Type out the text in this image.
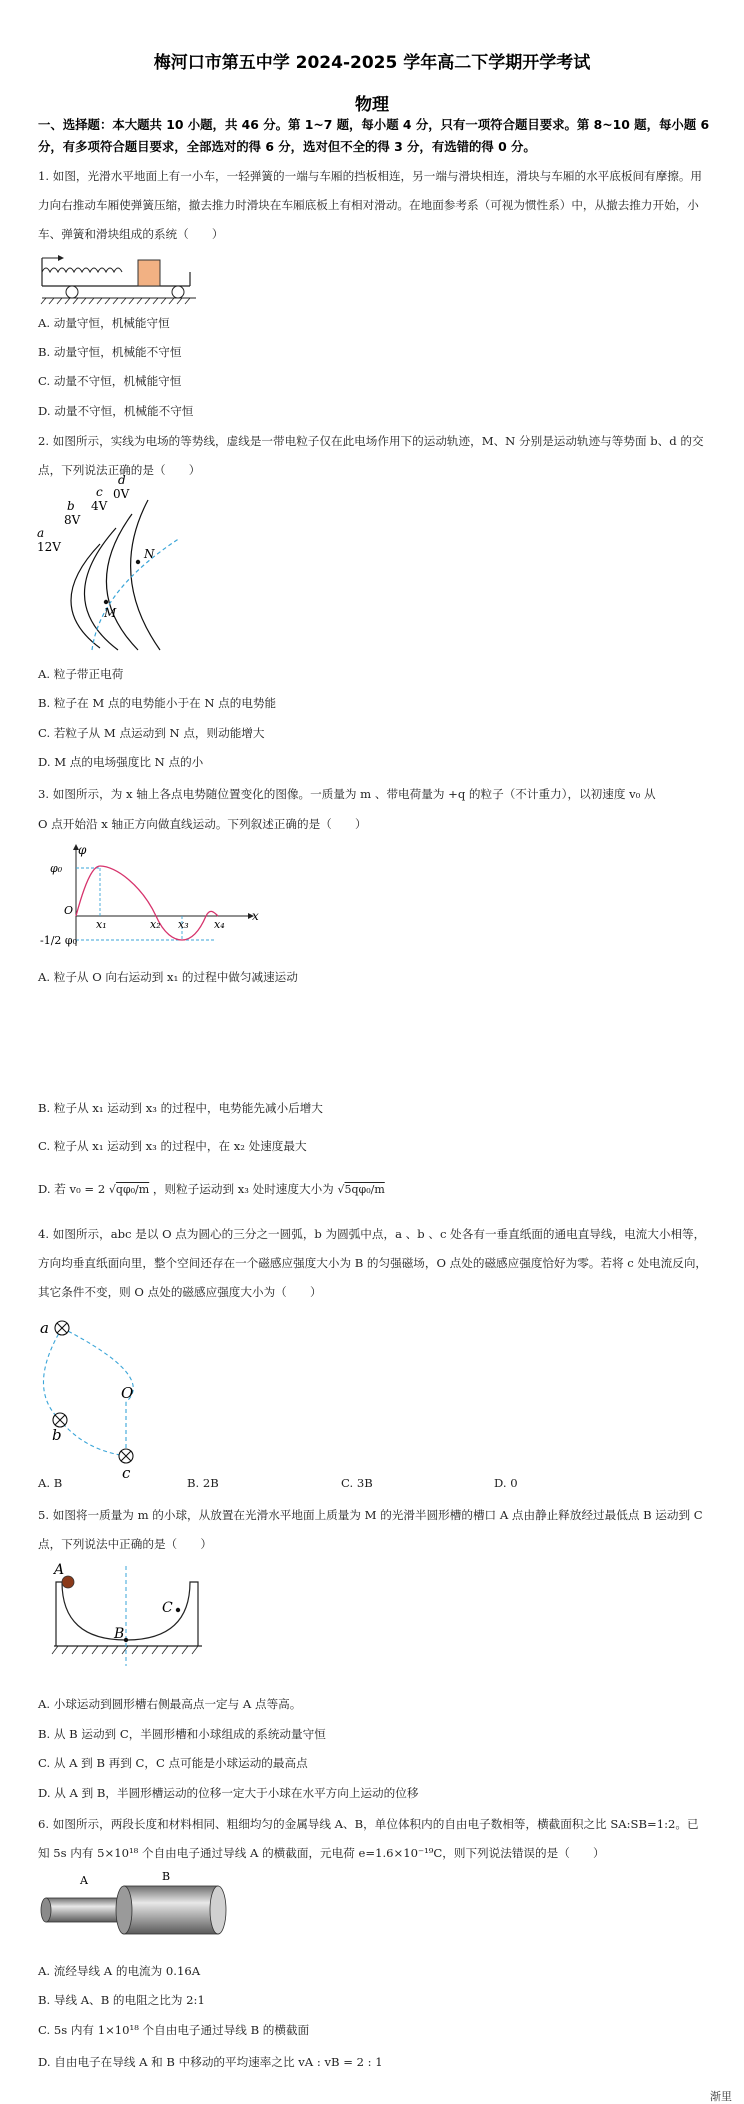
梅河口市第五中学 2024-2025 学年高二下学期开学考试
物理
一、选择题：本大题共 10 小题，共 46 分。第 1~7 题，每小题 4 分，只有一项符合题目要求。第 8~10 题，每小题 6 分，有多项符合题目要求，全部选对的得 6 分，选对但不全的得 3 分，有选错的得 0 分。
1. 如图，光滑水平地面上有一小车，一轻弹簧的一端与车厢的挡板相连，另一端与滑块相连，滑块与车厢的水平底板间有摩擦。用力向右推动车厢使弹簧压缩，撤去推力时滑块在车厢底板上有相对滑动。在地面参考系（可视为惯性系）中，从撤去推力开始，小车、弹簧和滑块组成的系统（　　）
A. 动量守恒，机械能守恒
B. 动量守恒，机械能不守恒
C. 动量不守恒，机械能守恒
D. 动量不守恒，机械能不守恒
2. 如图所示，实线为电场的等势线，虚线是一带电粒子仅在此电场作用下的运动轨迹，M、N 分别是运动轨迹与等势面 b、d 的交点，下列说法正确的是（　　）
a
12V
b
8V
c
4V
d
0V
M
N
A. 粒子带正电荷
B. 粒子在 M 点的电势能小于在 N 点的电势能
C. 若粒子从 M 点运动到 N 点，则动能增大
D. M 点的电场强度比 N 点的小
3. 如图所示，为 x 轴上各点电势随位置变化的图像。一质量为 m 、带电荷量为 +q 的粒子（不计重力），以初速度 v₀ 从
O 点开始沿 x 轴正方向做直线运动。下列叙述正确的是（　　）
φ
x
φ₀
-1/2 φ₀
O
x₁	x₂ x₃ x₄
A. 粒子从 O 向右运动到 x₁ 的过程中做匀减速运动
B. 粒子从 x₁ 运动到 x₃ 的过程中，电势能先减小后增大
C. 粒子从 x₁ 运动到 x₃ 的过程中，在 x₂ 处速度最大
D. 若 v₀ = 2 √qφ₀/m ，则粒子运动到 x₃ 处时速度大小为 √5qφ₀/m
4. 如图所示，abc 是以 O 点为圆心的三分之一圆弧，b 为圆弧中点，a 、b 、c 处各有一垂直纸面的通电直导线，电流大小相等，方向均垂直纸面向里，整个空间还存在一个磁感应强度大小为 B 的匀强磁场，O 点处的磁感应强度恰好为零。若将 c 处电流反向，其它条件不变，则 O 点处的磁感应强度大小为（　　）
a
O
b
c
A. B	B. 2B	C. 3B	D. 0
5. 如图将一质量为 m 的小球，从放置在光滑水平地面上质量为 M 的光滑半圆形槽的槽口 A 点由静止释放经过最低点 B 运动到 C 点，下列说法中正确的是（　　）
A
B
C
A. 小球运动到圆形槽右侧最高点一定与 A 点等高。
B. 从 B 运动到 C，半圆形槽和小球组成的系统动量守恒
C. 从 A 到 B 再到 C，C 点可能是小球运动的最高点
D. 从 A 到 B，半圆形槽运动的位移一定大于小球在水平方向上运动的位移
6. 如图所示，两段长度和材料相同、粗细均匀的金属导线 A、B，单位体积内的自由电子数相等，横截面积之比 SA:SB=1:2。已知 5s 内有 5×10¹⁸ 个自由电子通过导线 A 的横截面，元电荷 e=1.6×10⁻¹⁹C，则下列说法错误的是（　　）
A	B
A. 流经导线 A 的电流为 0.16A
B. 导线 A、B 的电阻之比为 2:1
C. 5s 内有 1×10¹⁸ 个自由电子通过导线 B 的横截面
D. 自由电子在导线 A 和 B 中移动的平均速率之比 vA : vB = 2 : 1
渐里
